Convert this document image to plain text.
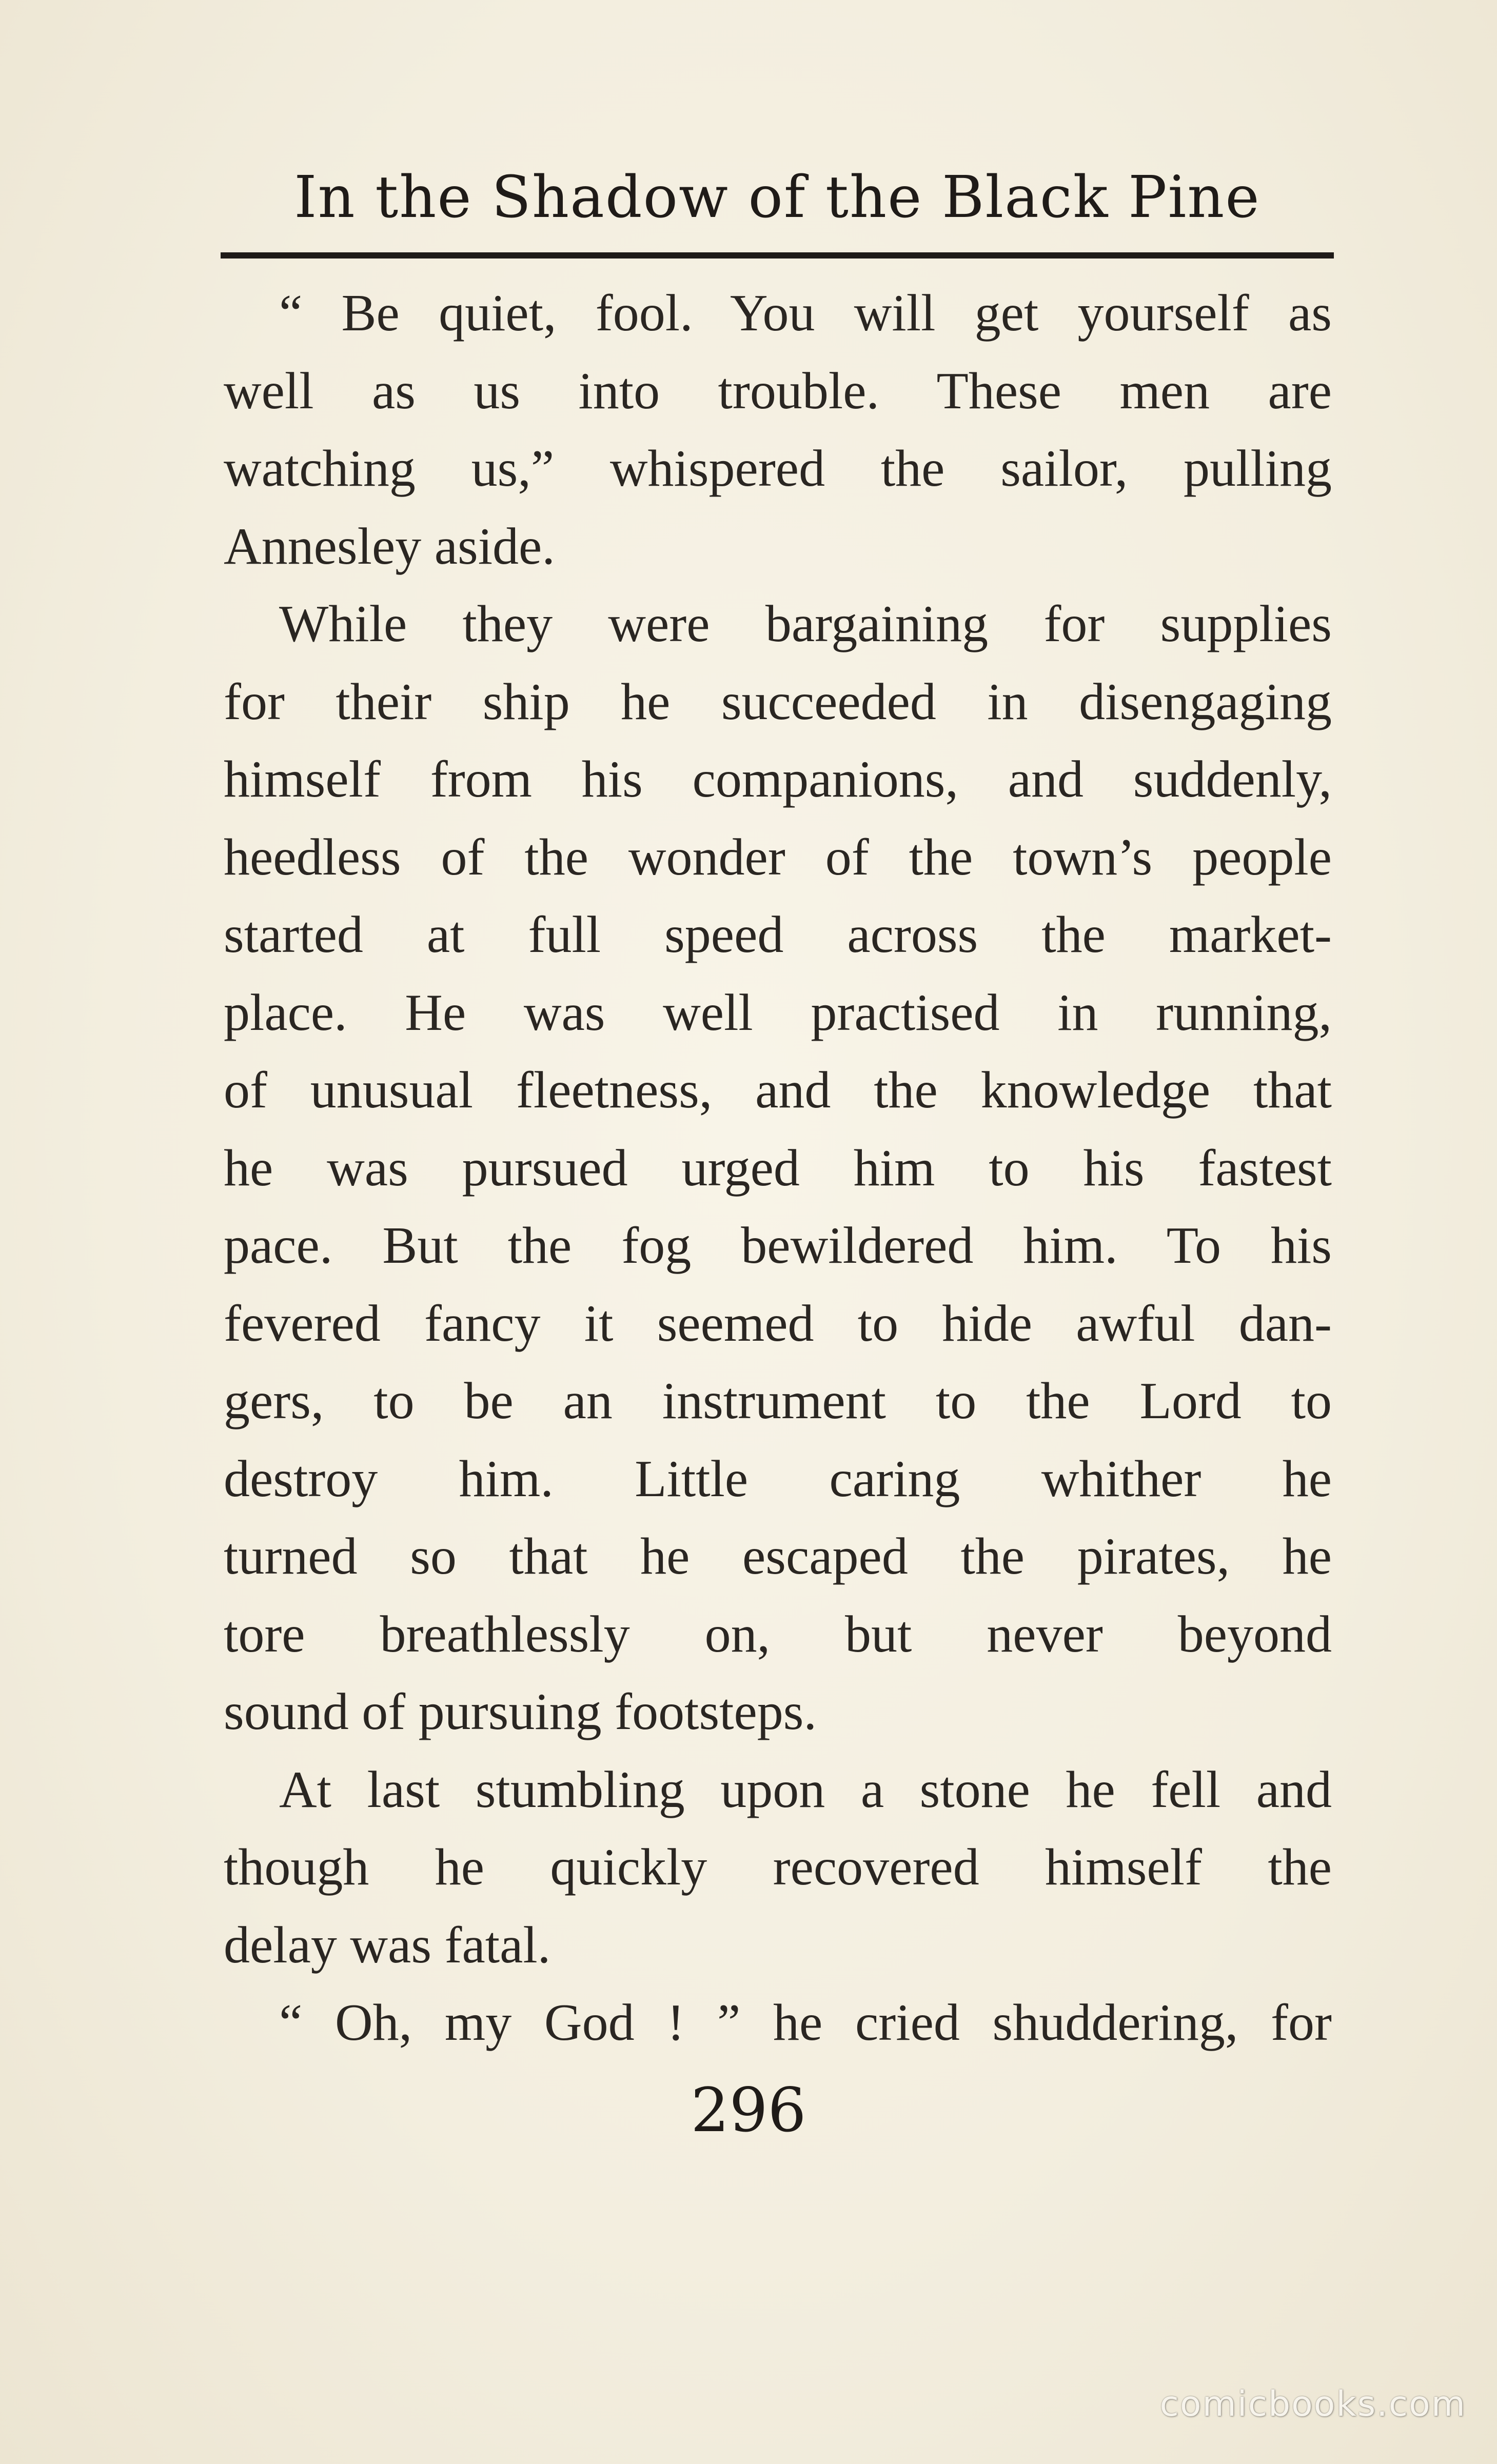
In the Shadow of the Black Pine
“ Be quiet, fool. You will get yourself as
well as us into trouble. These men are
watching us,” whispered the sailor, pulling
Annesley aside.
While they were bargaining for supplies
for their ship he succeeded in disengaging
himself from his companions, and suddenly,
heedless of the wonder of the town’s people
started at full speed across the market-
place. He was well practised in running,
of unusual fleetness, and the knowledge that
he was pursued urged him to his fastest
pace. But the fog bewildered him. To his
fevered fancy it seemed to hide awful dan-
gers, to be an instrument to the Lord to
destroy him. Little caring whither he
turned so that he escaped the pirates, he
tore breathlessly on, but never beyond
sound of pursuing footsteps.
At last stumbling upon a stone he fell and
though he quickly recovered himself the
delay was fatal.
“ Oh, my God ! ” he cried shuddering, for
296
comicbooks.com
